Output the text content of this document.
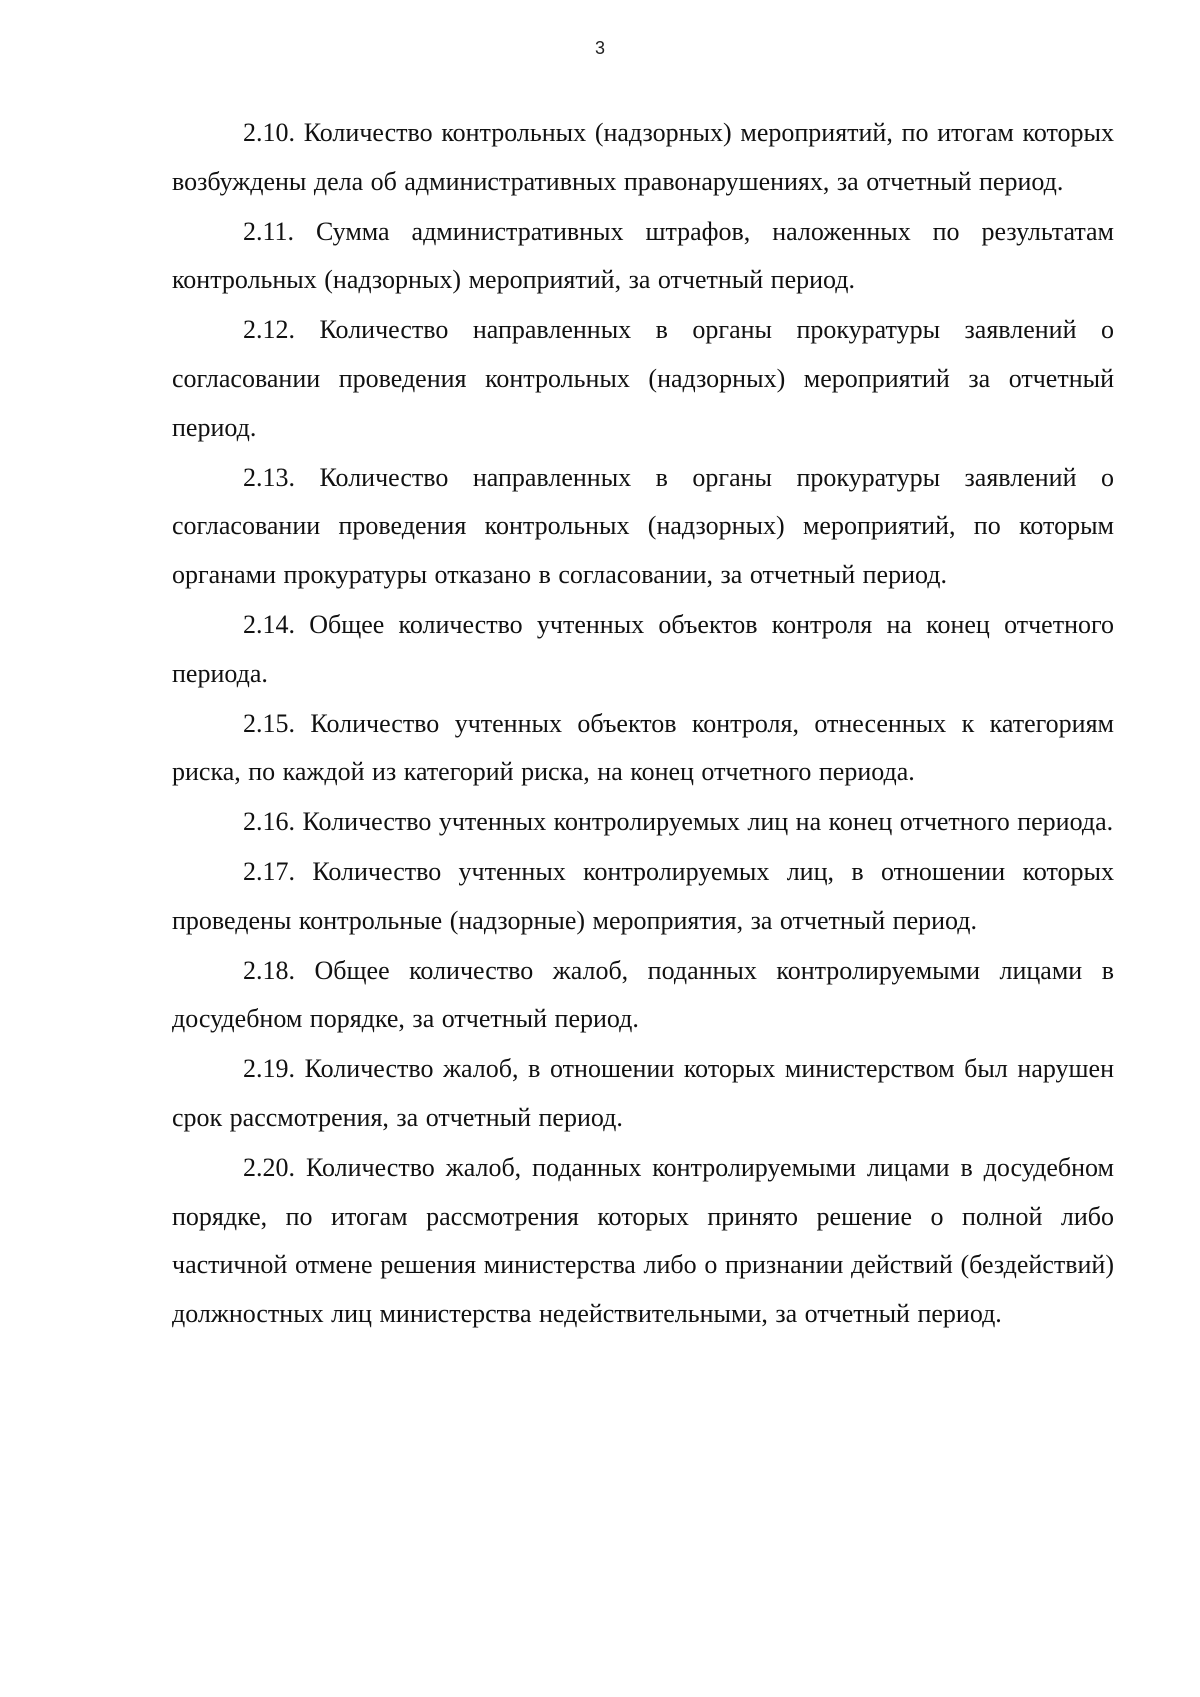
3

2.10. Количество контрольных (надзорных) мероприятий, по итогам которых возбуждены дела об административных правонарушениях, за отчетный период.

2.11. Сумма административных штрафов, наложенных по результатам контрольных (надзорных) мероприятий, за отчетный период.

2.12. Количество направленных в органы прокуратуры заявлений о согласовании проведения контрольных (надзорных) мероприятий за отчетный период.

2.13. Количество направленных в органы прокуратуры заявлений о согласовании проведения контрольных (надзорных) мероприятий, по которым органами прокуратуры отказано в согласовании, за отчетный период.

2.14. Общее количество учтенных объектов контроля на конец отчетного периода.

2.15. Количество учтенных объектов контроля, отнесенных к категориям риска, по каждой из категорий риска, на конец отчетного периода.

2.16. Количество учтенных контролируемых лиц на конец отчетного периода.

2.17. Количество учтенных контролируемых лиц, в отношении которых проведены контрольные (надзорные) мероприятия, за отчетный период.

2.18. Общее количество жалоб, поданных контролируемыми лицами в досудебном порядке, за отчетный период.

2.19. Количество жалоб, в отношении которых министерством был нарушен срок рассмотрения, за отчетный период.

2.20. Количество жалоб, поданных контролируемыми лицами в досудебном порядке, по итогам рассмотрения которых принято решение о полной либо частичной отмене решения министерства либо о признании действий (бездействий) должностных лиц министерства недействительными, за отчетный период.
